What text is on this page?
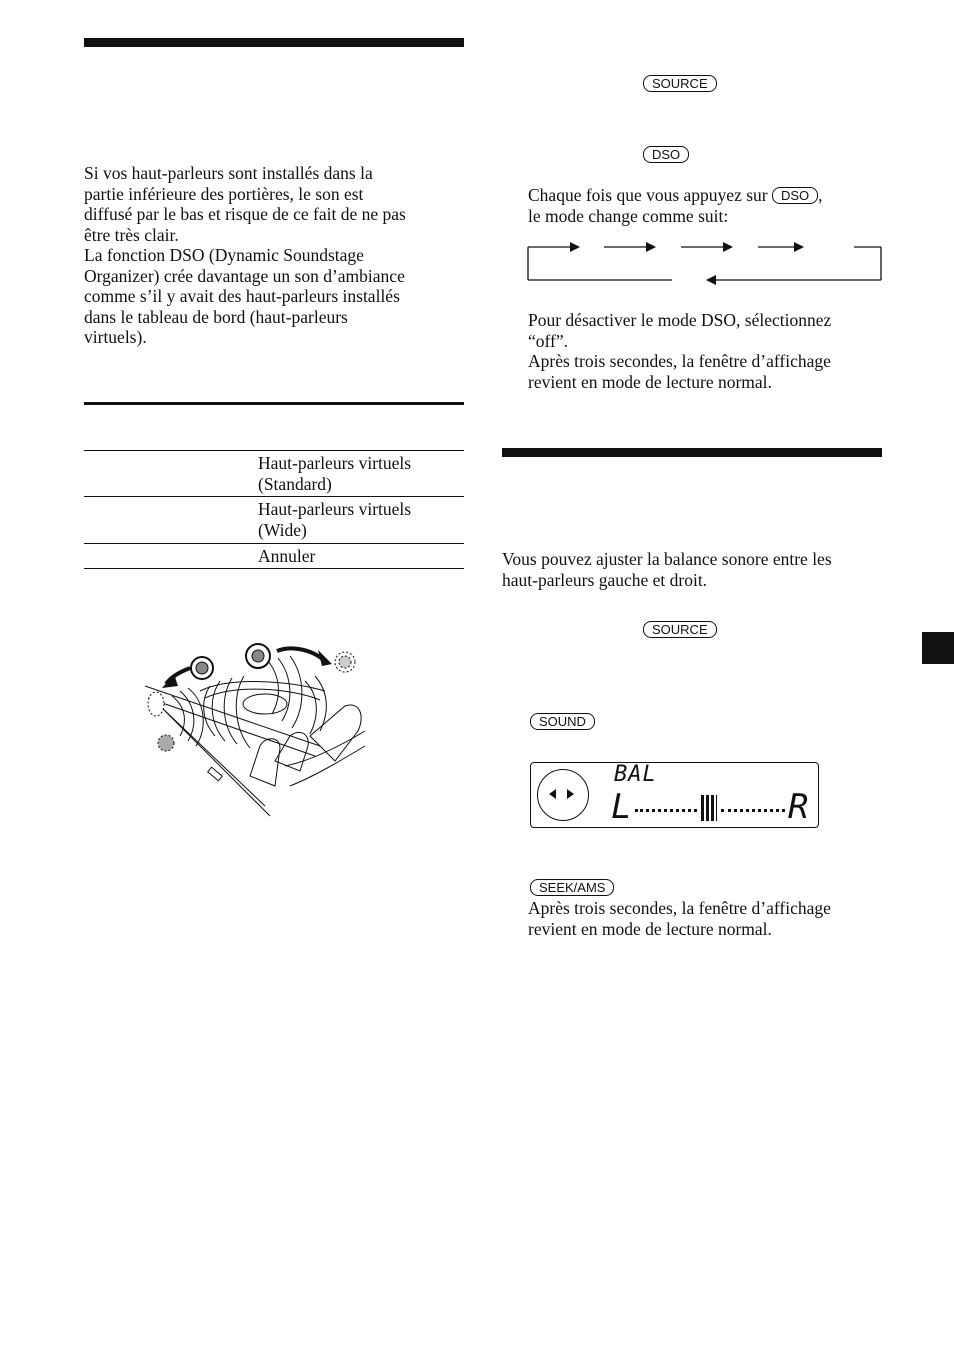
Si vos haut-parleurs sont installés dans la
partie inférieure des portières, le son est
diffusé par le bas et risque de ce fait de ne pas
être très clair.
La fonction DSO (Dynamic Soundstage
Organizer) crée davantage un son d’ambiance
comme s’il y avait des haut-parleurs installés
dans le tableau de bord (haut-parleurs
virtuels).
Haut-parleurs virtuels
(Standard)
Haut-parleurs virtuels
(Wide)
Annuler
SOURCE
DSO
Chaque fois que vous appuyez sur DSO ,
le mode change comme suit:
Pour désactiver le mode DSO, sélectionnez
“off”.
Après trois secondes, la fenêtre d’affichage
revient en mode de lecture normal.
Vous pouvez ajuster la balance sonore entre les
haut-parleurs gauche et droit.
SOURCE
SOUND
BAL
L	R
SEEK/AMS
Après trois secondes, la fenêtre d’affichage
revient en mode de lecture normal.
